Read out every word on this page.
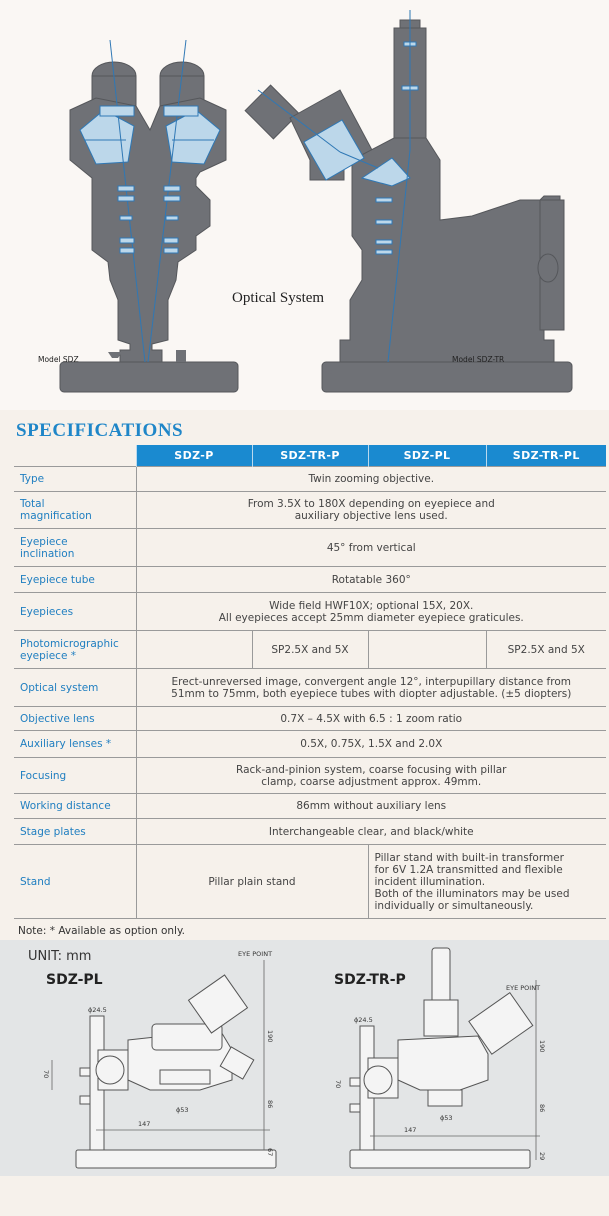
Model SDZ	Model SDZ-TR
Optical System
SPECIFICATIONS
	SDZ-P	SDZ-TR-P	SDZ-PL	SDZ-TR-PL
Type	Twin zooming objective.			
Total
magnification	From 3.5X to 180X depending on eyepiece and
auxiliary objective lens used.			
Eyepiece
inclination	45° from vertical			
Eyepiece tube	Rotatable 360°			
Eyepieces	Wide field HWF10X; optional 15X, 20X.
All eyepieces accept 25mm diameter eyepiece graticules.			
Photomicrographic
eyepiece *		SP2.5X and 5X		SP2.5X and 5X
Optical system	Erect-unreversed image, convergent angle 12°, interpupillary distance from
51mm to 75mm, both eyepiece tubes with diopter adjustable. (±5 diopters)			
Objective lens	0.7X – 4.5X with 6.5 : 1 zoom ratio			
Auxiliary lenses *	0.5X, 0.75X, 1.5X and 2.0X			
Focusing	Rack-and-pinion system, coarse focusing with pillar
clamp, coarse adjustment approx. 49mm.			
Working distance	86mm without auxiliary lens			
Stage plates	Interchangeable clear, and black/white			
Stand	Pillar plain stand		Pillar stand with built-in transformer
for 6V 1.2A transmitted and flexible
incident illumination.
Both of the illuminators may be used
individually or simultaneously.	
Note: * Available as option only.
UNIT: mm
SDZ-PL	SDZ-TR-P
EYE POINT
ϕ24.5
190
70
ϕ53
147
86
67
EYE POINT
ϕ24.5
190
70
ϕ53
147
86
29
